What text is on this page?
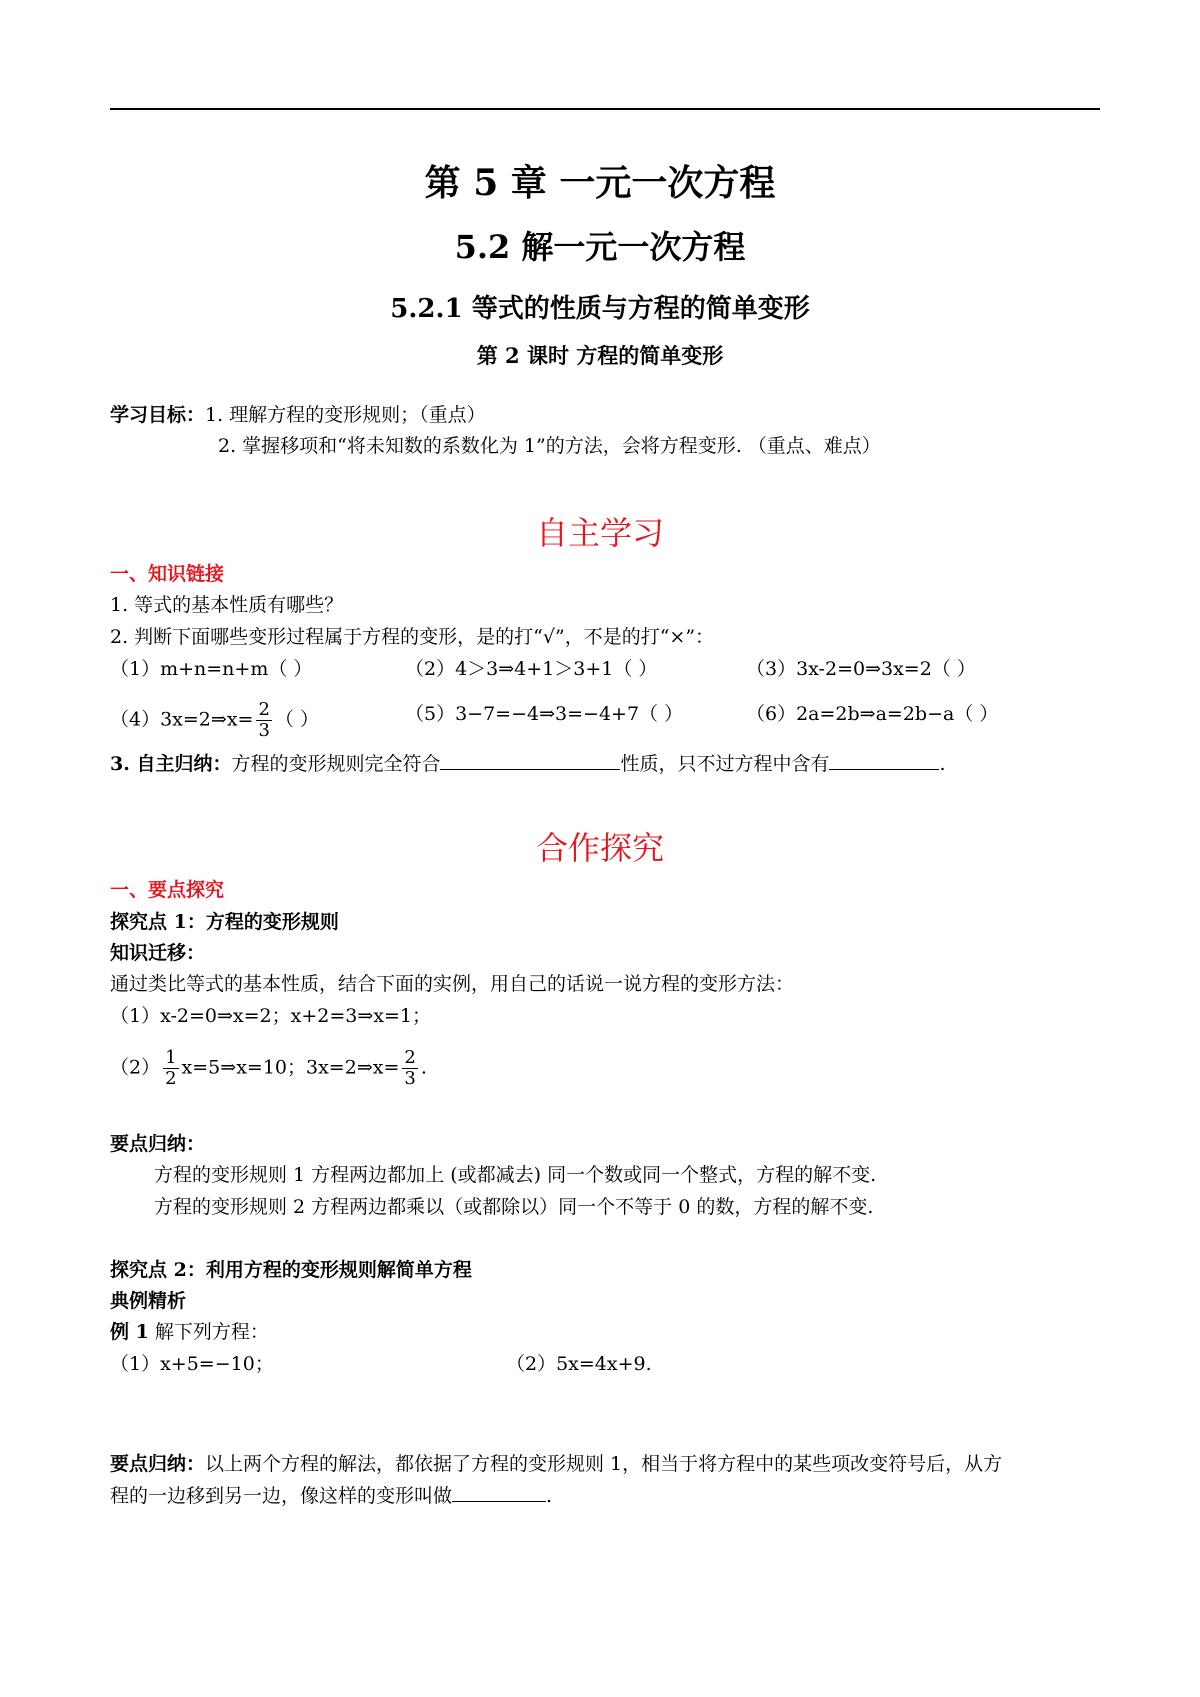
第 5 章 一元一次方程
5.2 解一元一次方程
5.2.1 等式的性质与方程的简单变形
第 2 课时 方程的简单变形
学习目标：1. 理解方程的变形规则；（重点）
2. 掌握移项和“将未知数的系数化为 1”的方法，会将方程变形. （重点、难点）
自主学习
一、知识链接
1. 等式的基本性质有哪些？
2. 判断下面哪些变形过程属于方程的变形，是的打“√”，不是的打“×”：
（1）m+n=n+m（ ）	（2）4＞3⇒4+1＞3+1（ ）	（3）3x-2=0⇒3x=2（ ）
（4）3x=2⇒x= $\frac{2}{3}$ （ ）	（5）3−7=−4⇒3=−4+7（ ）	（6）2a=2b⇒a=2b−a（ ）
3. 自主归纳：方程的变形规则完全符合	性质，只不过方程中含有	.
合作探究
一、要点探究
探究点 1：方程的变形规则
知识迁移：
通过类比等式的基本性质，结合下面的实例，用自己的话说一说方程的变形方法：
（1）x-2=0⇒x=2；x+2=3⇒x=1；
$(2) \frac{1}{2}$ x=5⇒x=10；3x=2⇒x= $\frac{2}{3}$ .
要点归纳：
方程的变形规则 1 方程两边都加上 (或都减去) 同一个数或同一个整式，方程的解不变.
方程的变形规则 2 方程两边都乘以（或都除以）同一个不等于 0 的数，方程的解不变.
探究点 2：利用方程的变形规则解简单方程
典例精析
例 1 解下列方程：
（1）x+5=−10；	（2）5x=4x+9.
要点归纳：以上两个方程的解法，都依据了方程的变形规则 1，相当于将方程中的某些项改变符号后，从方
程的一边移到另一边，像这样的变形叫做	.
